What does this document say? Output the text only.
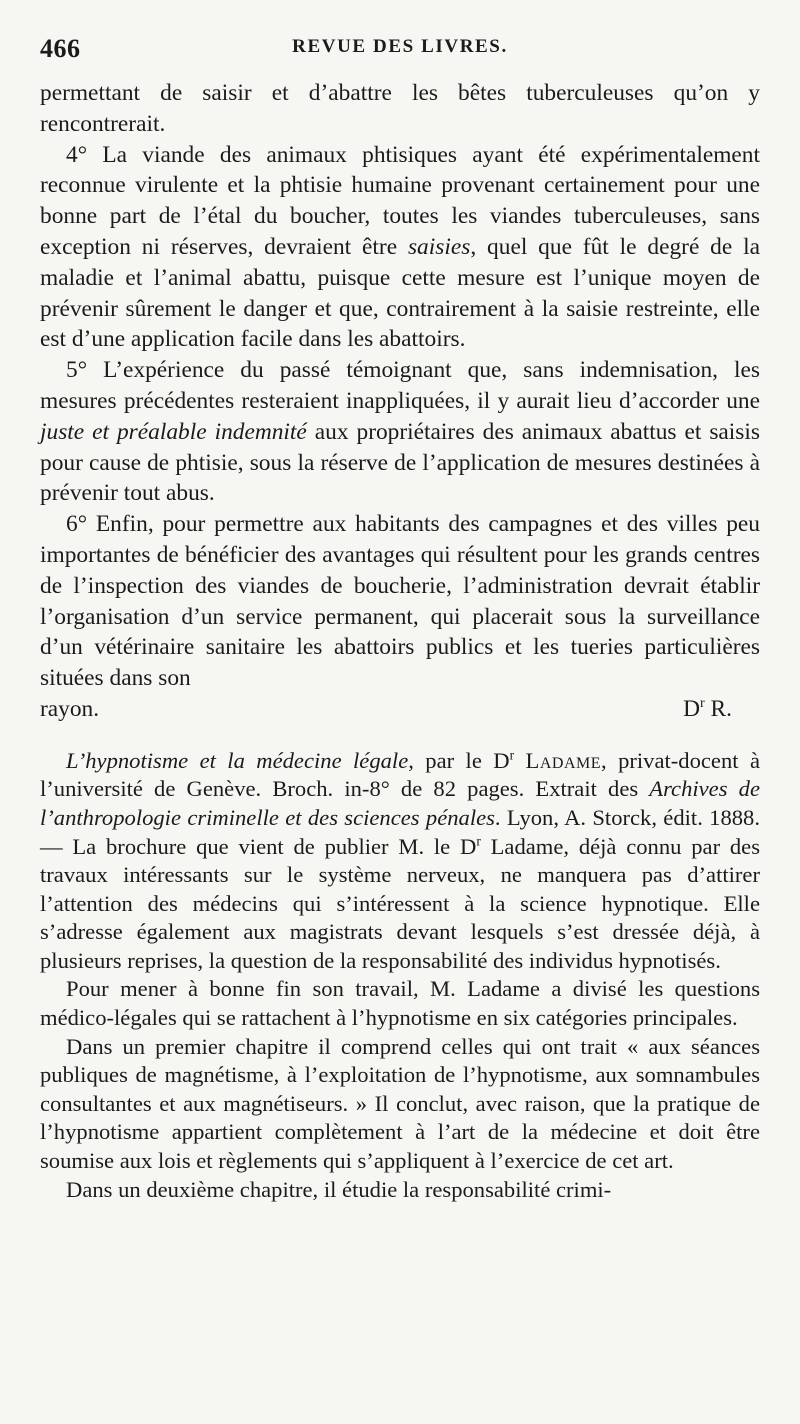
466	REVUE DES LIVRES.

permettant de saisir et d’abattre les bêtes tuberculeuses qu’on y rencontrerait.

4° La viande des animaux phtisiques ayant été expérimentalement reconnue virulente et la phtisie humaine provenant certainement pour une bonne part de l’étal du boucher, toutes les viandes tuberculeuses, sans exception ni réserves, devraient être saisies, quel que fût le degré de la maladie et l’animal abattu, puisque cette mesure est l’unique moyen de prévenir sûrement le danger et que, contrairement à la saisie restreinte, elle est d’une application facile dans les abattoirs.

5° L’expérience du passé témoignant que, sans indemnisation, les mesures précédentes resteraient inappliquées, il y aurait lieu d’accorder une juste et préalable indemnité aux propriétaires des animaux abattus et saisis pour cause de phtisie, sous la réserve de l’application de mesures destinées à prévenir tout abus.

6° Enfin, pour permettre aux habitants des campagnes et des villes peu importantes de bénéficier des avantages qui résultent pour les grands centres de l’inspection des viandes de boucherie, l’administration devrait établir l’organisation d’un service permanent, qui placerait sous la surveillance d’un vétérinaire sanitaire les abattoirs publics et les tueries particulières situées dans son

rayon.	$D^r$ R.

L’hypnotisme et la médecine légale, par le $D^r$ Ladame, privat-docent à l’université de Genève. Broch. in-8° de 82 pages. Extrait des Archives de l’anthropologie criminelle et des sciences pénales. Lyon, A. Storck, édit. 1888. — La brochure que vient de publier M. le $D^r$ Ladame, déjà connu par des travaux intéressants sur le système nerveux, ne manquera pas d’attirer l’attention des médecins qui s’intéressent à la science hypnotique. Elle s’adresse également aux magistrats devant lesquels s’est dressée déjà, à plusieurs reprises, la question de la responsabilité des individus hypnotisés.

Pour mener à bonne fin son travail, M. Ladame a divisé les questions médico-légales qui se rattachent à l’hypnotisme en six catégories principales.

Dans un premier chapitre il comprend celles qui ont trait « aux séances publiques de magnétisme, à l’exploitation de l’hypnotisme, aux somnambules consultantes et aux magnétiseurs. » Il conclut, avec raison, que la pratique de l’hypnotisme appartient complètement à l’art de la médecine et doit être soumise aux lois et règlements qui s’appliquent à l’exercice de cet art.

Dans un deuxième chapitre, il étudie la responsabilité crimi-
